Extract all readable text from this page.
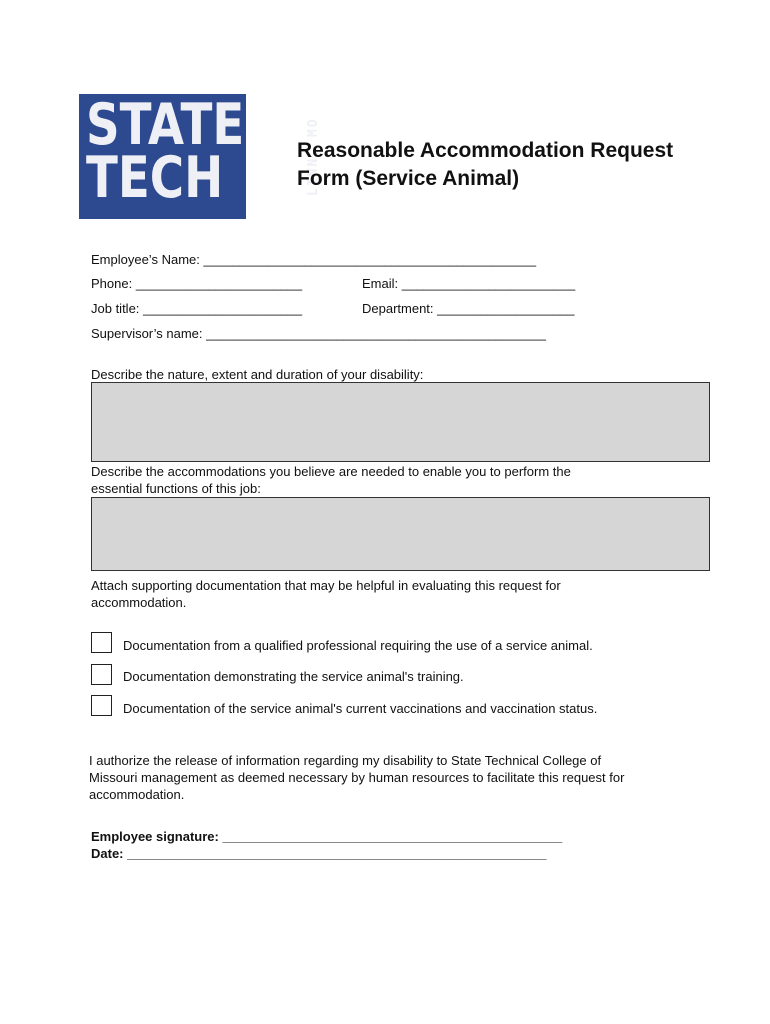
STATE
TECH	LINN, MO
Reasonable Accommodation Request
Form (Service Animal)
Employee’s Name: ______________________________________________
Phone: _______________________	Email: ________________________
Job title: ______________________	Department: ___________________
Supervisor’s name: _______________________________________________
Describe the nature, extent and duration of your disability:
Describe the accommodations you believe are needed to enable you to perform the
essential functions of this job:
Attach supporting documentation that may be helpful in evaluating this request for
accommodation.
Documentation from a qualified professional requiring the use of a service animal.
Documentation demonstrating the service animal's training.
Documentation of the service animal's current vaccinations and vaccination status.
I authorize the release of information regarding my disability to State Technical College of
Missouri management as deemed necessary by human resources to facilitate this request for
accommodation.
Employee signature: _______________________________________________
Date: __________________________________________________________
